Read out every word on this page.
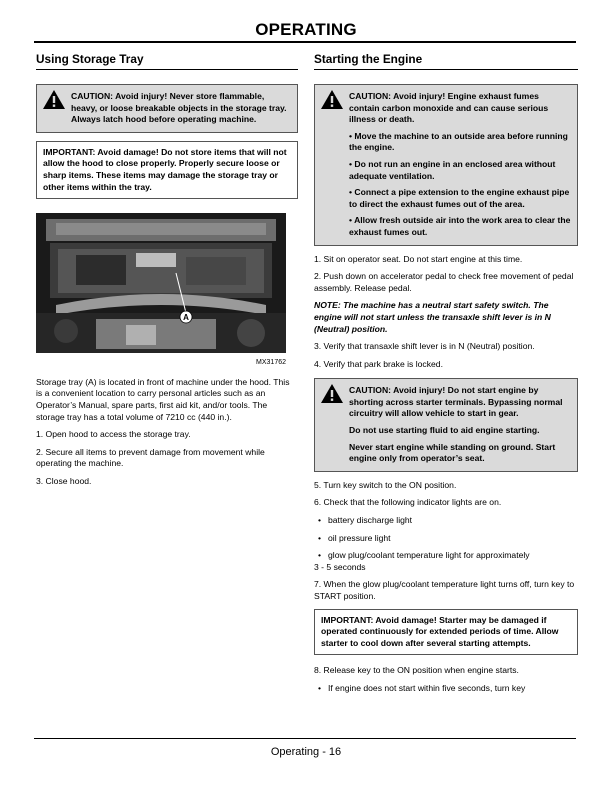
OPERATING
Using Storage Tray

CAUTION: Avoid injury! Never store flammable, heavy, or loose breakable objects in the storage tray. Always latch hood before operating machine.

IMPORTANT: Avoid damage! Do not store items that will not allow the hood to close properly. Properly secure loose or sharp items. These items may damage the storage tray or other items within the tray.

A
MX31762

Storage tray (A) is located in front of machine under the hood. This is a convenient location to carry personal articles such as an Operator’s Manual, spare parts, first aid kit, and/or tools. The storage tray has a total volume of 7210 cc (440 in.).

1. Open hood to access the storage tray.

2. Secure all items to prevent damage from movement while operating the machine.

3. Close hood.

Starting the Engine

CAUTION: Avoid injury! Engine exhaust fumes contain carbon monoxide and can cause serious illness or death.

• Move the machine to an outside area before running the engine.

• Do not run an engine in an enclosed area without adequate ventilation.

• Connect a pipe extension to the engine exhaust pipe to direct the exhaust fumes out of the area.

• Allow fresh outside air into the work area to clear the exhaust fumes out.

1. Sit on operator seat. Do not start engine at this time.

2. Push down on accelerator pedal to check free movement of pedal assembly. Release pedal.

NOTE: The machine has a neutral start safety switch. The engine will not start unless the transaxle shift lever is in N (Neutral) position.

3. Verify that transaxle shift lever is in N (Neutral) position.

4. Verify that park brake is locked.

CAUTION: Avoid injury! Do not start engine by shorting across starter terminals. Bypassing normal circuitry will allow vehicle to start in gear.

Do not use starting fluid to aid engine starting.

Never start engine while standing on ground. Start engine only from operator’s seat.

5. Turn key switch to the ON position.

6. Check that the following indicator lights are on.

• battery discharge light

• oil pressure light

• glow plug/coolant temperature light for approximately

3 - 5 seconds

7. When the glow plug/coolant temperature light turns off, turn key to START position.

IMPORTANT: Avoid damage! Starter may be damaged if operated continuously for extended periods of time. Allow starter to cool down after several starting attempts.

8. Release key to the ON position when engine starts.

• If engine does not start within five seconds, turn key

Operating - 16
